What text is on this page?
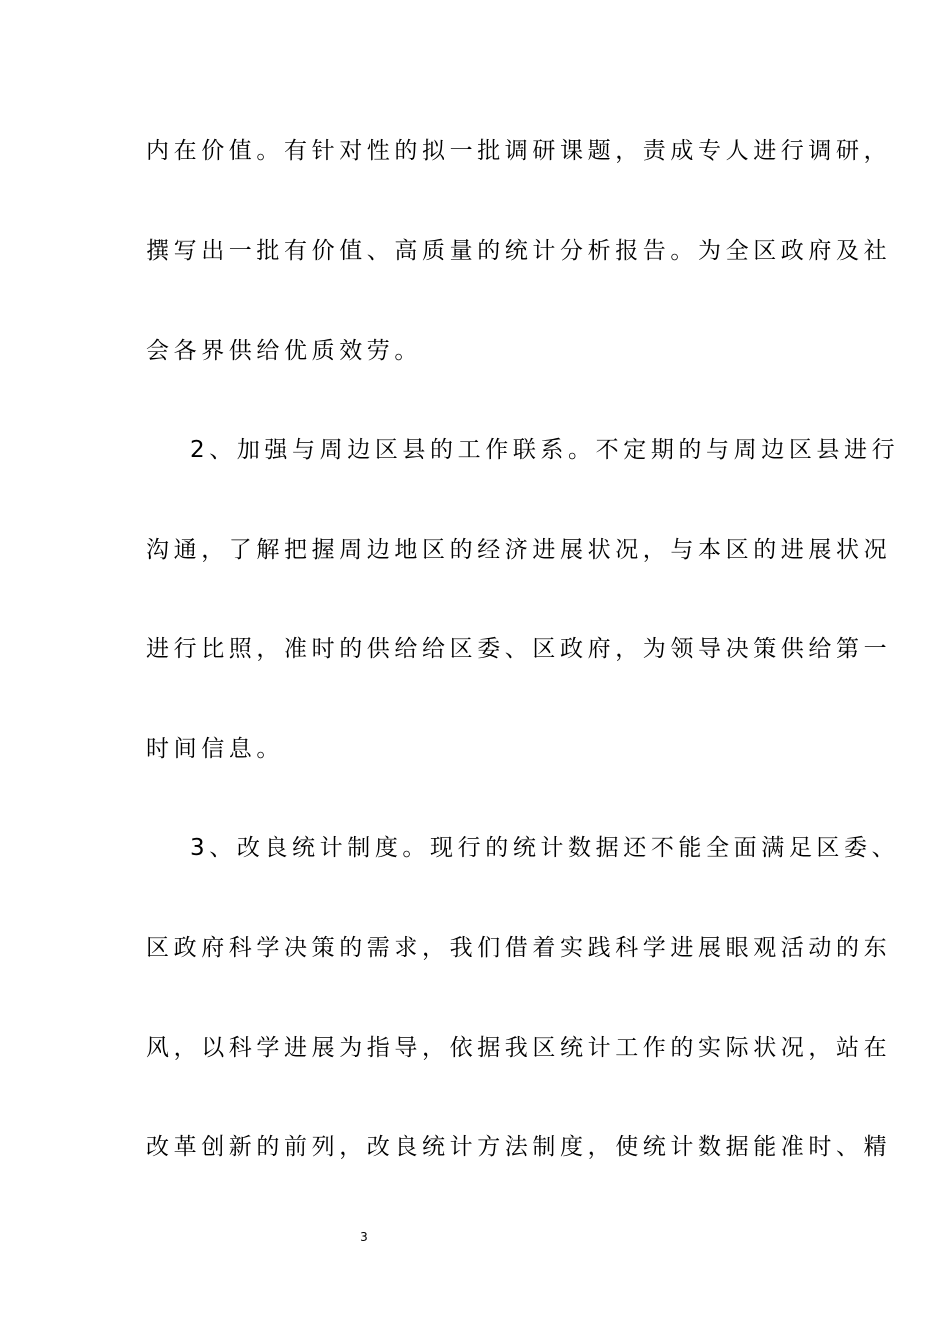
内在价值。有针对性的拟一批调研课题，责成专人进行调研，
撰写出一批有价值、高质量的统计分析报告。为全区政府及社
会各界供给优质效劳。
2、加强与周边区县的工作联系。不定期的与周边区县进行
沟通，了解把握周边地区的经济进展状况，与本区的进展状况
进行比照，准时的供给给区委、区政府，为领导决策供给第一
时间信息。
3、改良统计制度。现行的统计数据还不能全面满足区委、
区政府科学决策的需求，我们借着实践科学进展眼观活动的东
风，以科学进展为指导，依据我区统计工作的实际状况，站在
改革创新的前列，改良统计方法制度，使统计数据能准时、精
3
